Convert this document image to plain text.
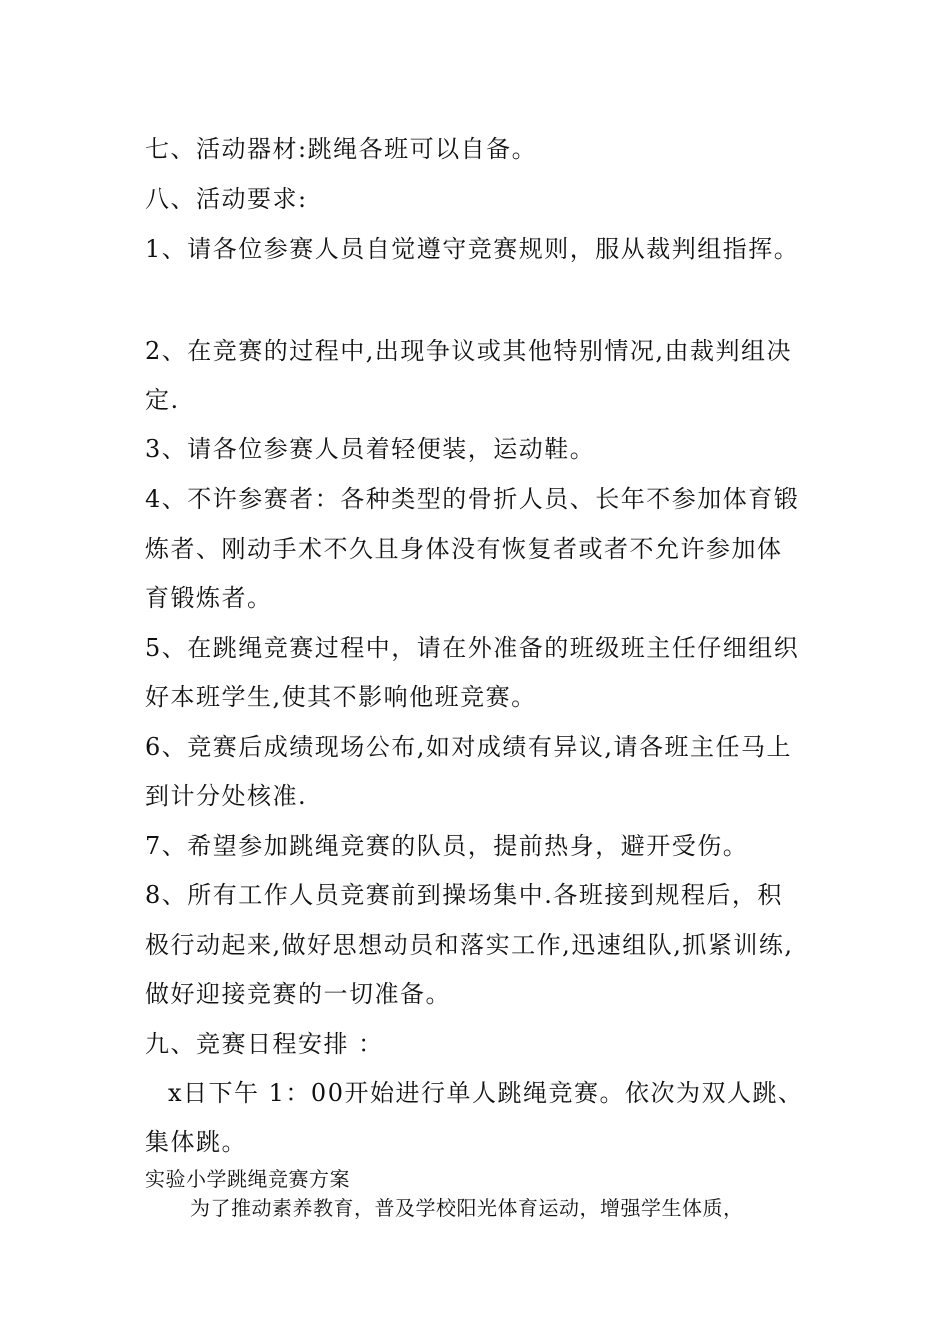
七、活动器材:跳绳各班可以自备。
八、活动要求:
1、请各位参赛人员自觉遵守竞赛规则，服从裁判组指挥。
2、在竞赛的过程中,出现争议或其他特别情况,由裁判组决
定.
3、请各位参赛人员着轻便装，运动鞋。
4、不许参赛者：各种类型的骨折人员、长年不参加体育锻
炼者、刚动手术不久且身体没有恢复者或者不允许参加体
育锻炼者。
5、在跳绳竞赛过程中，请在外准备的班级班主任仔细组织
好本班学生,使其不影响他班竞赛。
6、竞赛后成绩现场公布,如对成绩有异议,请各班主任马上
到计分处核准.
7、希望参加跳绳竞赛的队员，提前热身，避开受伤。
8、所有工作人员竞赛前到操场集中.各班接到规程后，积
极行动起来,做好思想动员和落实工作,迅速组队,抓紧训练,
做好迎接竞赛的一切准备。
九、竞赛日程安排 ：
x日下午 1：00开始进行单人跳绳竞赛。依次为双人跳、
集体跳。
实验小学跳绳竞赛方案
为了推动素养教育，普及学校阳光体育运动，增强学生体质，
